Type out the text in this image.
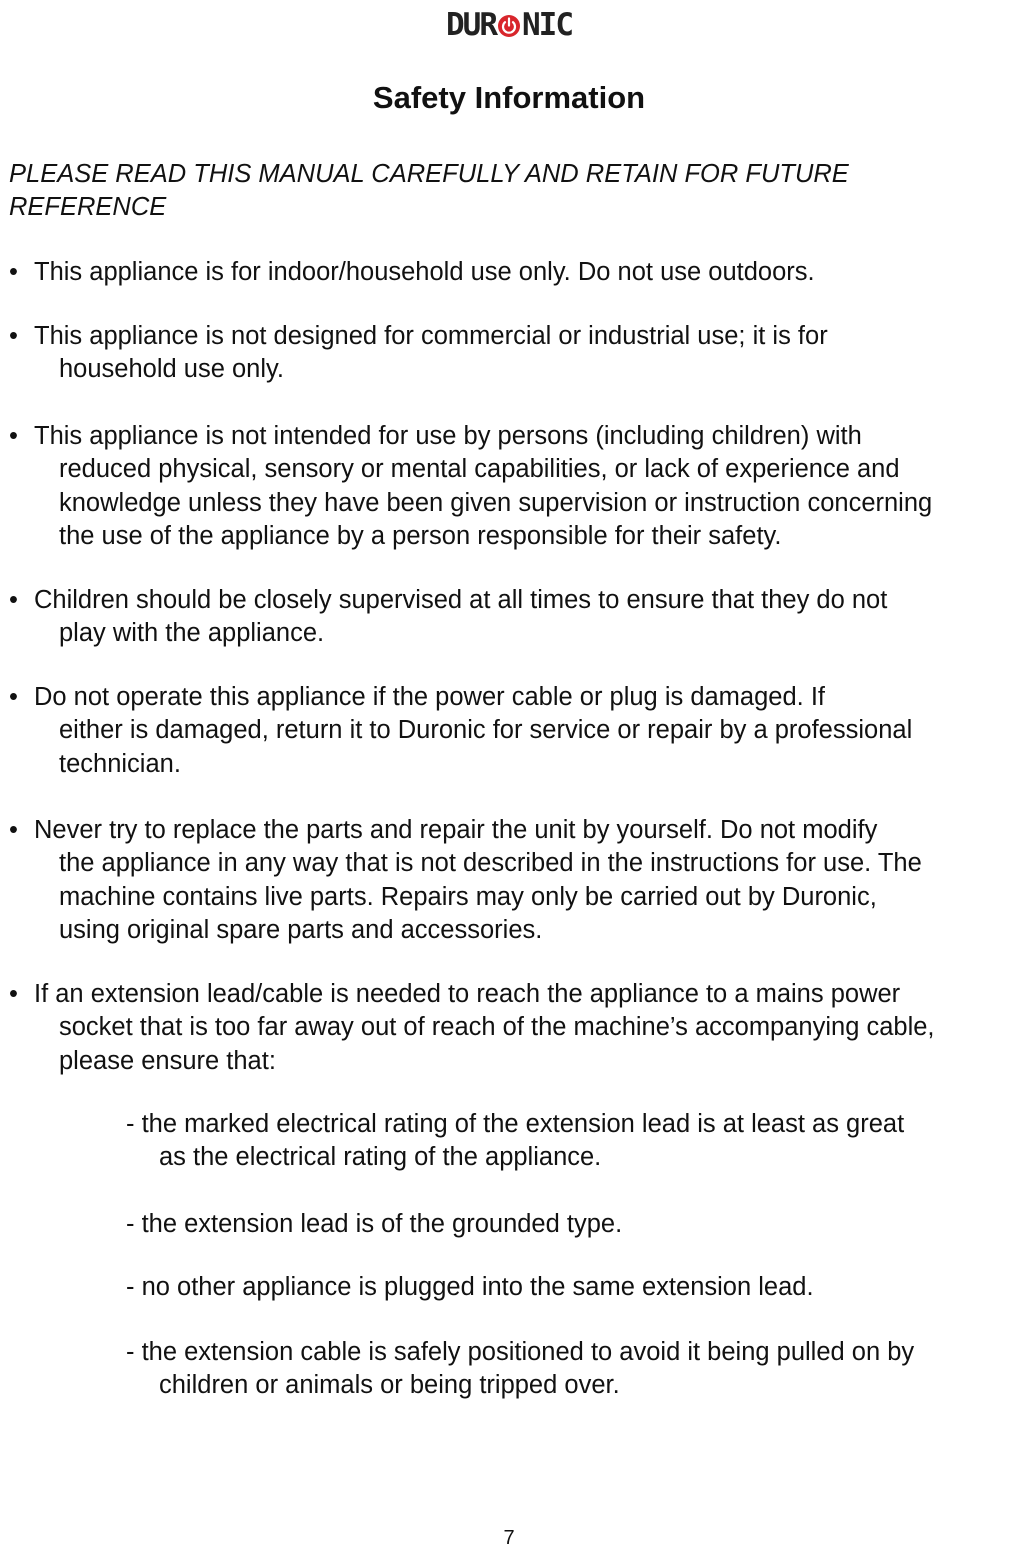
DUR NIC
Safety Information
PLEASE READ THIS MANUAL CAREFULLY AND RETAIN FOR FUTURE REFERENCE
• This appliance is for indoor/household use only. Do not use outdoors.
• This appliance is not designed for commercial or industrial use; it is for
household use only.
• This appliance is not intended for use by persons (including children) with
reduced physical, sensory or mental capabilities, or lack of experience and
knowledge unless they have been given supervision or instruction concerning
the use of the appliance by a person responsible for their safety.
• Children should be closely supervised at all times to ensure that they do not
play with the appliance.
• Do not operate this appliance if the power cable or plug is damaged. If
either is damaged, return it to Duronic for service or repair by a professional
technician.
• Never try to replace the parts and repair the unit by yourself. Do not modify
the appliance in any way that is not described in the instructions for use. The
machine contains live parts. Repairs may only be carried out by Duronic,
using original spare parts and accessories.
• If an extension lead/cable is needed to reach the appliance to a mains power
socket that is too far away out of reach of the machine’s accompanying cable,
please ensure that:
- the marked electrical rating of the extension lead is at least as great
as the electrical rating of the appliance.
- the extension lead is of the grounded type.
- no other appliance is plugged into the same extension lead.
- the extension cable is safely positioned to avoid it being pulled on by
children or animals or being tripped over.
7
